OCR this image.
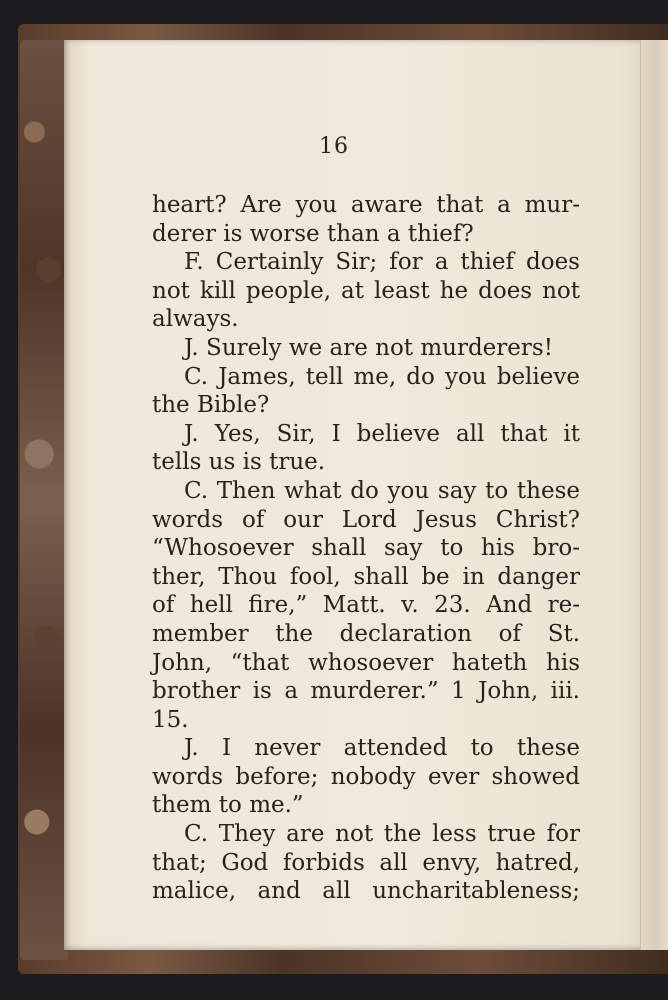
16
heart? Are you aware that a mur-
derer is worse than a thief?
F. Certainly Sir; for a thief does
not kill people, at least he does not
always.
J. Surely we are not murderers!
C. James, tell me, do you believe
the Bible?
J. Yes, Sir, I believe all that it
tells us is true.
C. Then what do you say to these
words of our Lord Jesus Christ?
“Whosoever shall say to his bro-
ther, Thou fool, shall be in danger
of hell fire,” Matt. v. 23. And re-
member the declaration of St.
John, “that whosoever hateth his
brother is a murderer.” 1 John, iii.
15.
J. I never attended to these
words before; nobody ever showed
them to me.”
C. They are not the less true for
that; God forbids all envy, hatred,
malice, and all uncharitableness;
